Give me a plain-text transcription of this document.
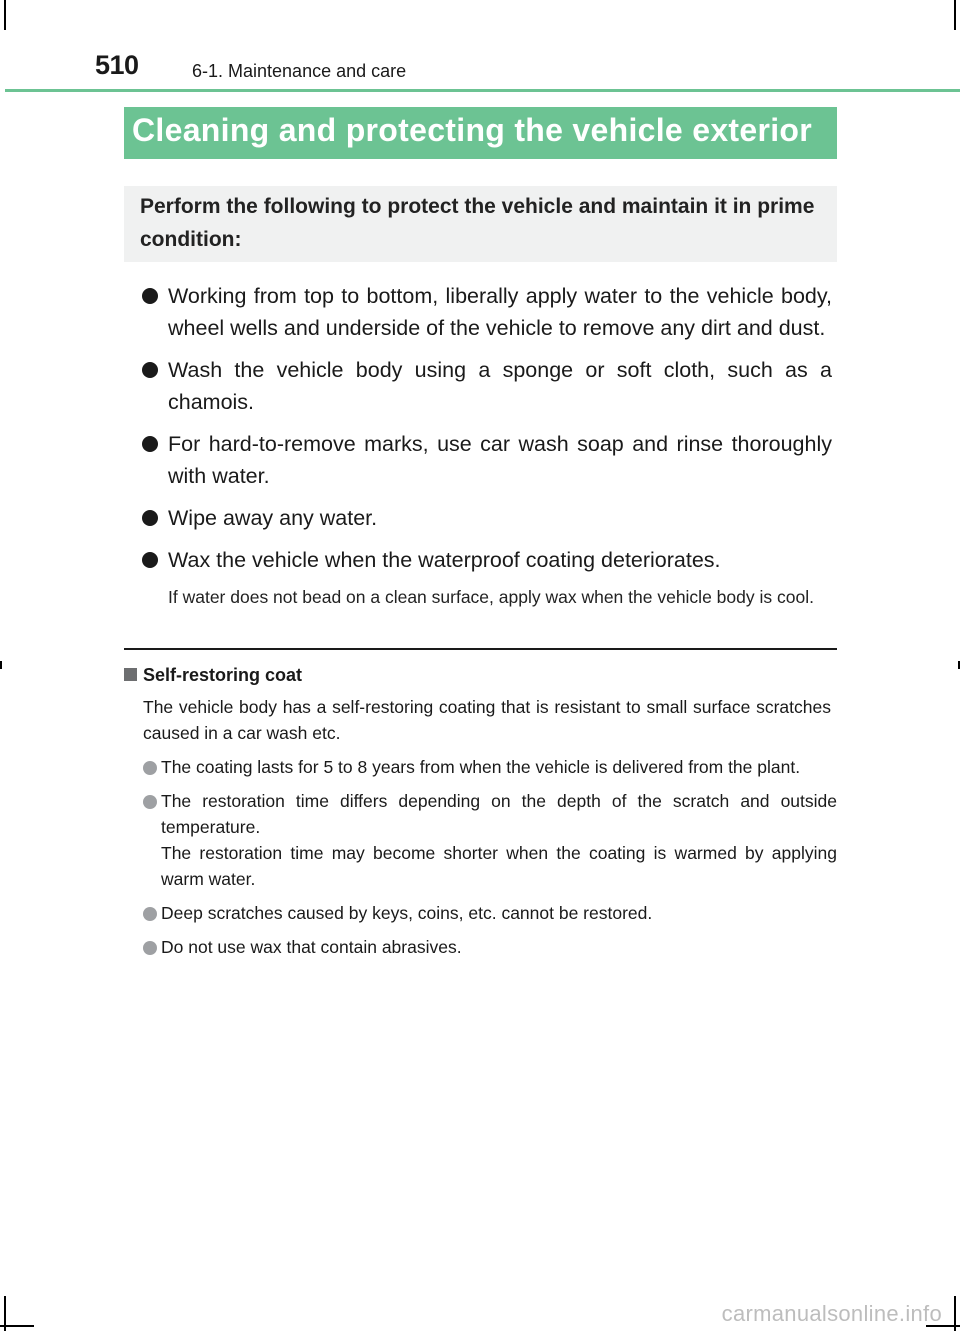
510	6-1. Maintenance and care
Cleaning and protecting the vehicle exterior
Perform the following to protect the vehicle and maintain it in prime condition:
Working from top to bottom, liberally apply water to the vehicle body, wheel wells and underside of the vehicle to remove any dirt and dust.
Wash the vehicle body using a sponge or soft cloth, such as a chamois.
For hard-to-remove marks, use car wash soap and rinse thoroughly with water.
Wipe away any water.
Wax the vehicle when the waterproof coating deteriorates.
If water does not bead on a clean surface, apply wax when the vehicle body is cool.
Self-restoring coat
The vehicle body has a self-restoring coating that is resistant to small surface scratches caused in a car wash etc.

The coating lasts for 5 to 8 years from when the vehicle is delivered from the plant.

The restoration time differs depending on the depth of the scratch and outside temperature.

The restoration time may become shorter when the coating is warmed by applying warm water.

Deep scratches caused by keys, coins, etc. cannot be restored.

Do not use wax that contain abrasives.

carmanualsonline.info
